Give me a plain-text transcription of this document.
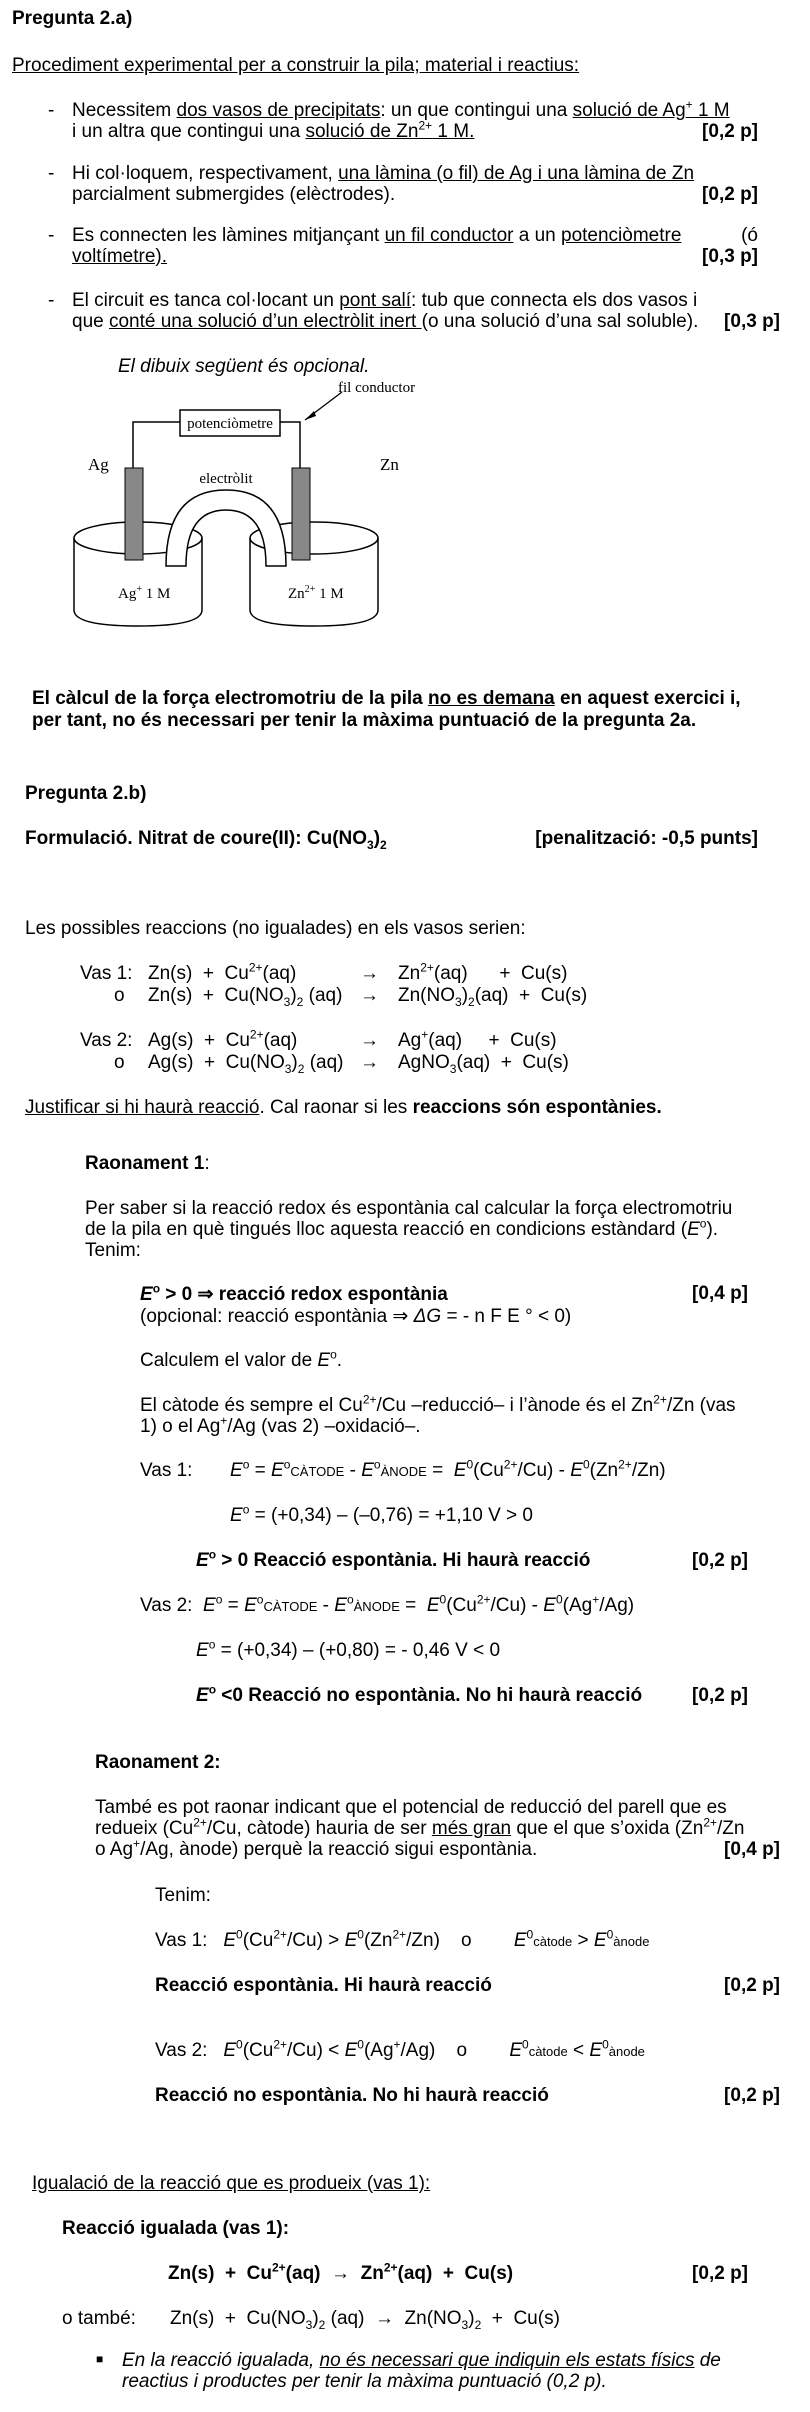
Pregunta 2.a)
Procediment experimental per a construir la pila; material i reactius:
- Necessitem dos vasos de precipitats: un que contingui una solució de Ag+ 1 M
i un altra que contingui una solució de $Zn^{2+}$ 1 M.	[0,2 p]
- Hi col·loquem, respectivament, una làmina (o fil) de Ag i una làmina de Zn
parcialment submergides (elèctrodes).	[0,2 p]
- Es connecten les làmines mitjançant un fil conductor a un potenciòmetre	(ó
voltímetre).	[0,3 p]
- El circuit es tanca col·locant un pont salí: tub que connecta els dos vasos i
que conté una solució d’un electròlit inert (o una solució d’una sal soluble). [0,3 p]
El dibuix següent és opcional.
fil conductor
potenciòmetre
Ag	Zn
electròlit
Ag+ 1 M	$Zn^{2+}$ 1 M
El càlcul de la força electromotriu de la pila no es demana en aquest exercici i,
per tant, no és necessari per tenir la màxima puntuació de la pregunta 2a.
Pregunta 2.b)
Formulació. Nitrat de coure(II): $Cu(NO_3)_2$	[penalització: -0,5 punts]
Les possibles reaccions (no igualades) en els vasos serien:
Vas 1: $Zn(s) + Cu^{2+}(aq)$	→ $Zn^{2+}(aq)$      +  Cu(s)
o $Zn(s) + Cu(NO_3)_2$ $(aq) \to Zn(NO_3)_2(aq) + Cu(s)$
Vas 2: $Ag(s) + Cu^{2+}(aq)$	→ Ag+(aq)     +  Cu(s)
o $Ag(s) + Cu(NO_3)_2$ (aq) → AgNO$_3$(aq)  +  Cu(s)
Justificar si hi haurà reacció. Cal raonar si les reaccions són espontànies.
Raonament 1:
Per saber si la reacció redox és espontània cal calcular la força electromotriu
de la pila en què tingués lloc aquesta reacció en condicions estàndard $(E^o)$.
Tenim:
$E^o > 0$ ⇒ reacció redox espontània	[0,4 p]
(opcional: reacció espontània ⇒ ΔG = - n F E ° < 0)
Calculem el valor de $E^o$.
El càtode és sempre el $Cu^{2+}/Cu$ –reducció– i l’ànode és el $Zn^{2+}/Zn$ (vas
1) o el Ag+/Ag (vas 2) –oxidació–.
Vas 1: $E^o$ = $E^oCÀTODE$ - $E^oÀNODE = E^0(Cu^{2+}/Cu) - E^0(Zn^{2+}/Zn)$
$E^o = (+0,34) - (-0,76) = +1,10$ V > 0
$E^o > 0$ Reacció espontània. Hi haurà reacció	[0,2 p]
Vas 2: $E^o$ = $E^oCÀTODE$ - $E^oÀNODE = E^0(Cu^{2+}/Cu) - E^0(Ag^+/Ag)$
$E^o = (+0,34) - (+0,80)$ = - 0,46 V < 0
$E^o <0$ Reacció no espontània. No hi haurà reacció	[0,2 p]
Raonament 2:
També es pot raonar indicant que el potencial de reducció del parell que es
redueix ($Cu^{2+}/Cu$, càtode) hauria de ser més gran que el que s’oxida ($Zn^{2+}/Zn$
o Ag+/Ag, ànode) perquè la reacció sigui espontània.	[0,4 p]
Tenim:
Vas 1: $E^0(Cu^{2+}/Cu) > E^0(Zn^{2+}/Zn)$    o $E^0càtode$ > $E^0ànode$
Reacció espontània. Hi haurà reacció	[0,2 p]
Vas 2: $E^0(Cu^{2+}/Cu) < E^0(Ag^+/Ag)$    o $E^0càtode$ < $E^0ànode$
Reacció no espontània. No hi haurà reacció	[0,2 p]
Igualació de la reacció que es produeix (vas 1):
Reacció igualada (vas 1):
$Zn(s) + Cu^{2+}(aq) \to Zn^{2+}(aq) + Cu(s)$	[0,2 p]
o també: $Zn(s) + Cu(NO_3)_2$ $(aq) \to Zn(NO_3)_2 + Cu(s)$
■ En la reacció igualada, no és necessari que indiquin els estats físics de
reactius i productes per tenir la màxima puntuació (0,2 p).
